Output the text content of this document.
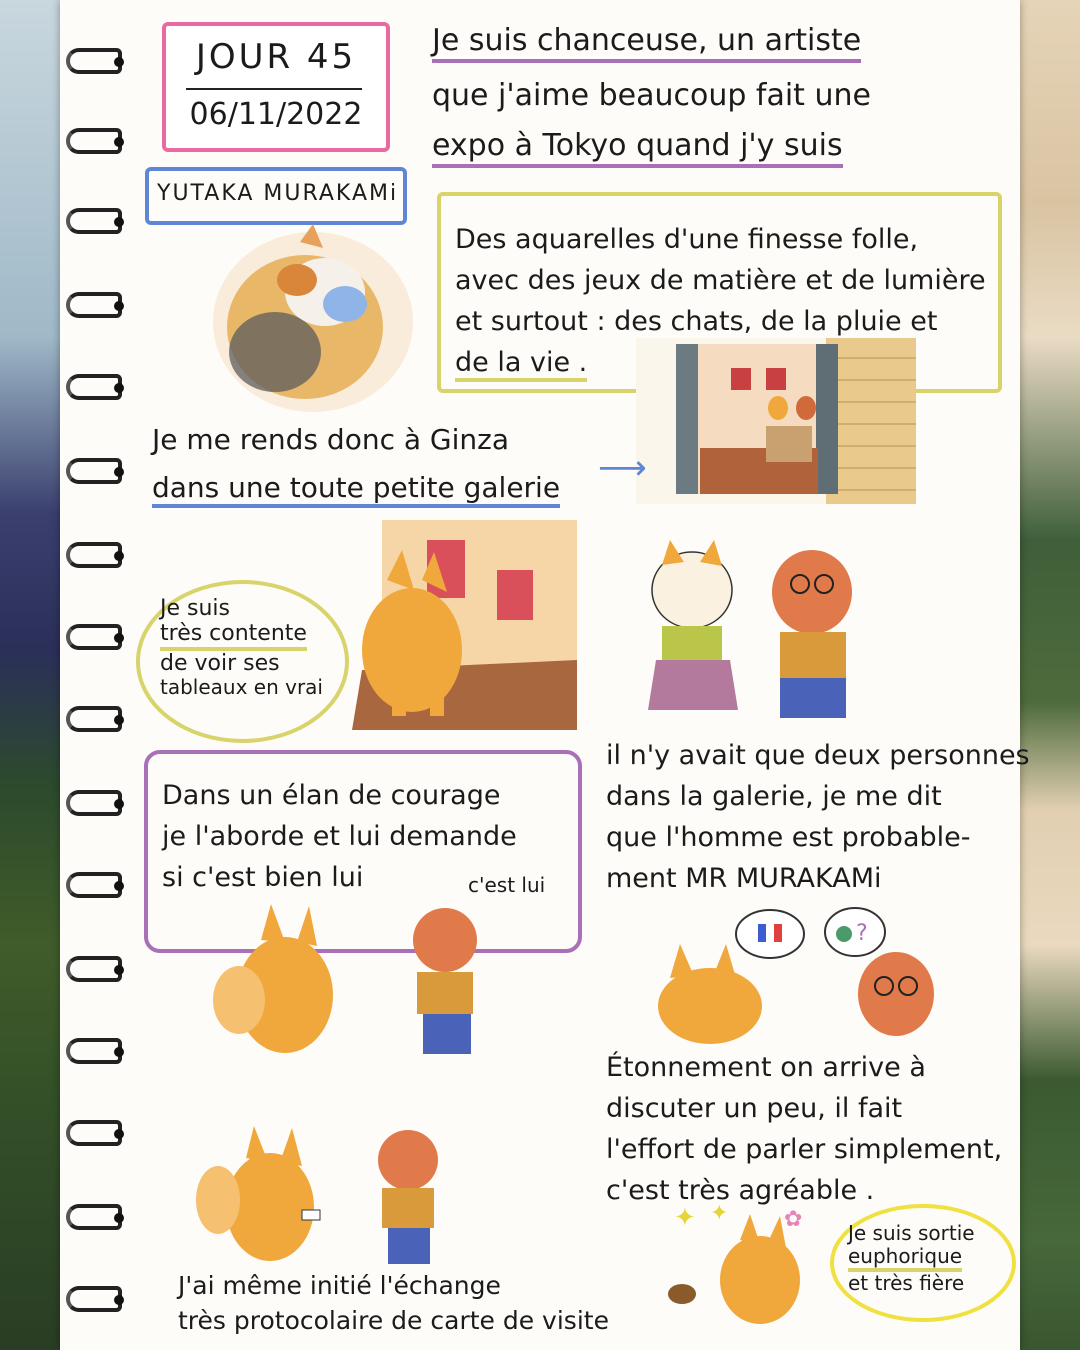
JOUR 45
06/11/2022
YUTAKA MURAKAMi
Je suis chanceuse, un artiste
que j'aime beaucoup fait une
expo à Tokyo quand j'y suis
Des aquarelles d'une finesse folle,
avec des jeux de matière et de lumière
et surtout : des chats, de la pluie et
de la vie .
Je me rends donc à Ginza
dans une toute petite galerie ⟶
Je suis
très contente
de voir ses
tableaux en vrai
il n'y avait que deux personnes
dans la galerie, je me dit
que l'homme est probable-
ment MR MURAKAMi
Dans un élan de courage
je l'aborde et lui demande
si c'est bien lui	c'est lui
?
Étonnement on arrive à
discuter un peu, il fait
l'effort de parler simplement,
c'est très agréable .
J'ai même initié l'échange
très protocolaire de carte de visite
✦ ✦	✿
Je suis sortie
euphorique
et très fière
